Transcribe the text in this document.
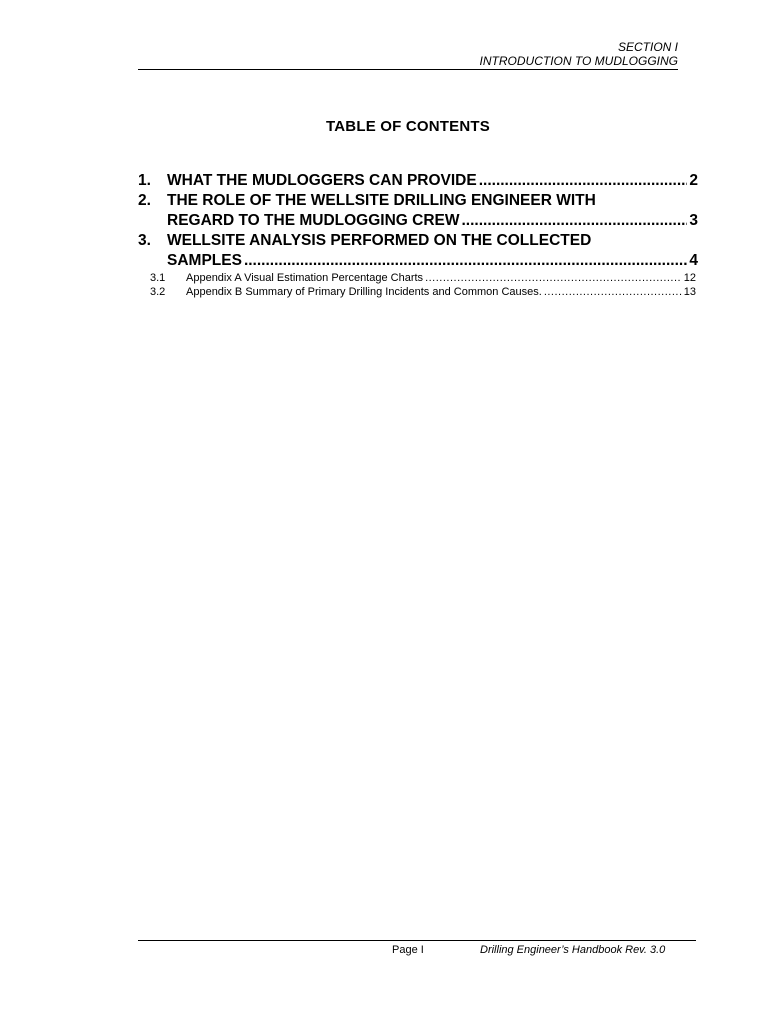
SECTION I
INTRODUCTION TO MUDLOGGING
TABLE OF CONTENTS
1.	WHAT THE MUDLOGGERS CAN PROVIDE .....	2
2.	THE ROLE OF THE WELLSITE DRILLING ENGINEER WITH
REGARD TO THE MUDLOGGING CREW .....	3
3.	WELLSITE ANALYSIS PERFORMED ON THE COLLECTED
SAMPLES .....	4
3.1	Appendix A Visual Estimation Percentage Charts .....	12
3.2	Appendix B Summary of Primary Drilling Incidents and Common Causes. .....	13
Page I	Drilling Engineer’s Handbook Rev. 3.0
